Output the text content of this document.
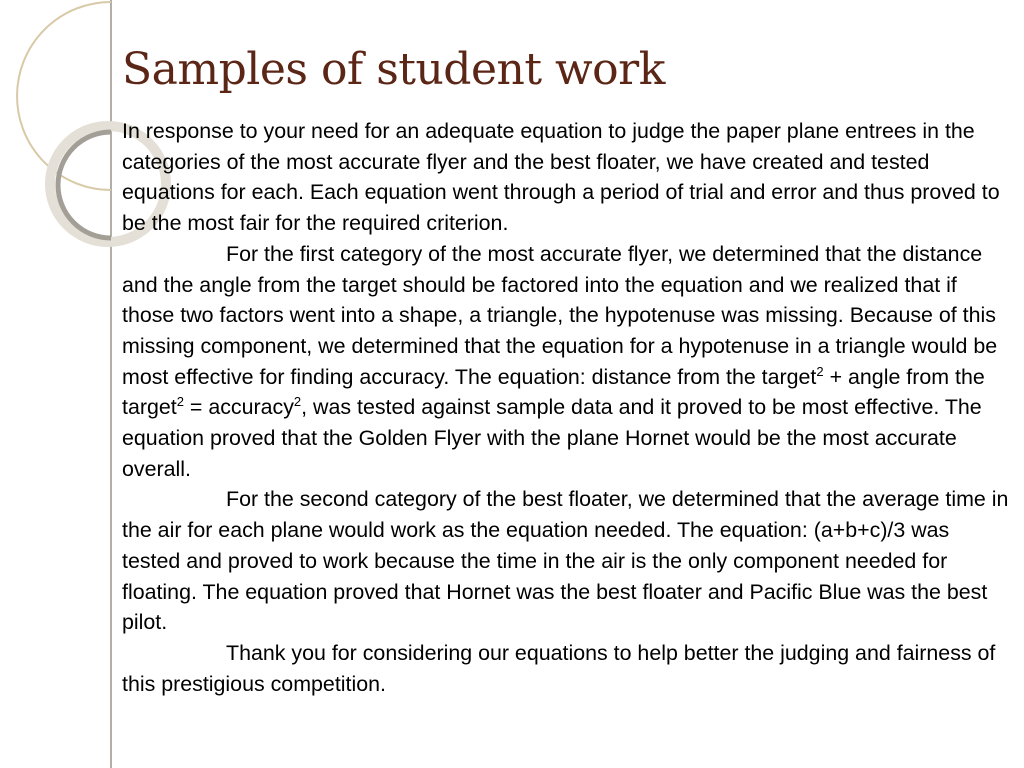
Samples of student work

In response to your need for an adequate equation to judge the paper plane entrees in the categories of the most accurate flyer and the best floater, we have created and tested equations for each. Each equation went through a period of trial and error and thus proved to be the most fair for the required criterion.

For the first category of the most accurate flyer, we determined that the distance and the angle from the target should be factored into the equation and we realized that if those two factors went into a shape, a triangle, the hypotenuse was missing. Because of this missing component, we determined that the equation for a hypotenuse in a triangle would be most effective for finding accuracy. The equation: distance from the target$^2$ + angle from the target$^2$ = accuracy$^2$, was tested against sample data and it proved to be most effective. The equation proved that the Golden Flyer with the plane Hornet would be the most accurate overall.

For the second category of the best floater, we determined that the average time in the air for each plane would work as the equation needed. The equation: (a+b+c)/3 was tested and proved to work because the time in the air is the only component needed for floating. The equation proved that Hornet was the best floater and Pacific Blue was the best pilot.

Thank you for considering our equations to help better the judging and fairness of this prestigious competition.
